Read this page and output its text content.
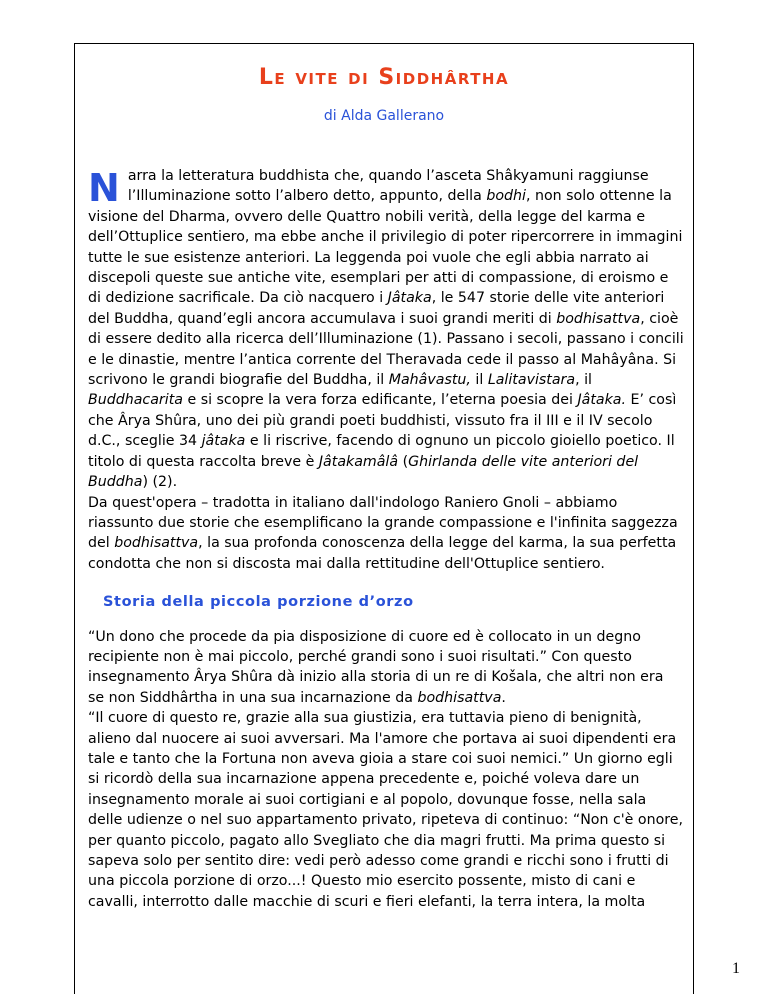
Le vite di Siddhârtha

di Alda Gallerano

Narra la letteratura buddhista che, quando l’asceta Shâkyamuni raggiunse l’Illuminazione sotto l’albero detto, appunto, della bodhi, non solo ottenne la visione del Dharma, ovvero delle Quattro nobili verità, della legge del karma e dell’Ottuplice sentiero, ma ebbe anche il privilegio di poter ripercorrere in immagini tutte le sue esistenze anteriori. La leggenda poi vuole che egli abbia narrato ai discepoli queste sue antiche vite, esemplari per atti di compassione, di eroismo e di dedizione sacrificale. Da ciò nacquero i Jâtaka, le 547 storie delle vite anteriori del Buddha, quand’egli ancora accumulava i suoi grandi meriti di bodhisattva, cioè di essere dedito alla ricerca dell’Illuminazione (1). Passano i secoli, passano i concili e le dinastie, mentre l’antica corrente del Theravada cede il passo al Mahâyâna. Si scrivono le grandi biografie del Buddha, il Mahâvastu, il Lalitavistara, il Buddhacarita e si scopre la vera forza edificante, l’eterna poesia dei Jâtaka. E’ così che Ârya Shûra, uno dei più grandi poeti buddhisti, vissuto fra il III e il IV secolo d.C., sceglie 34 jâtaka e li riscrive, facendo di ognuno un piccolo gioiello poetico. Il titolo di questa raccolta breve è Jâtakamâlâ (Ghirlanda delle vite anteriori del Buddha) (2).

Da quest'opera – tradotta in italiano dall'indologo Raniero Gnoli – abbiamo riassunto due storie che esemplificano la grande compassione e l'infinita saggezza del bodhisattva, la sua profonda conoscenza della legge del karma, la sua perfetta condotta che non si discosta mai dalla rettitudine dell'Ottuplice sentiero.

Storia della piccola porzione d’orzo

“Un dono che procede da pia disposizione di cuore ed è collocato in un degno recipiente non è mai piccolo, perché grandi sono i suoi risultati.” Con questo insegnamento Ârya Shûra dà inizio alla storia di un re di Košala, che altri non era se non Siddhârtha in una sua incarnazione da bodhisattva.

“Il cuore di questo re, grazie alla sua giustizia, era tuttavia pieno di benignità, alieno dal nuocere ai suoi avversari. Ma l'amore che portava ai suoi dipendenti era tale e tanto che la Fortuna non aveva gioia a stare coi suoi nemici.” Un giorno egli si ricordò della sua incarnazione appena precedente e, poiché voleva dare un insegnamento morale ai suoi cortigiani e al popolo, dovunque fosse, nella sala delle udienze o nel suo appartamento privato, ripeteva di continuo: “Non c'è onore, per quanto piccolo, pagato allo Svegliato che dia magri frutti. Ma prima questo si sapeva solo per sentito dire: vedi però adesso come grandi e ricchi sono i frutti di una piccola porzione di orzo...! Questo mio esercito possente, misto di cani e cavalli, interrotto dalle macchie di scuri e fieri elefanti, la terra intera, la molta

1
